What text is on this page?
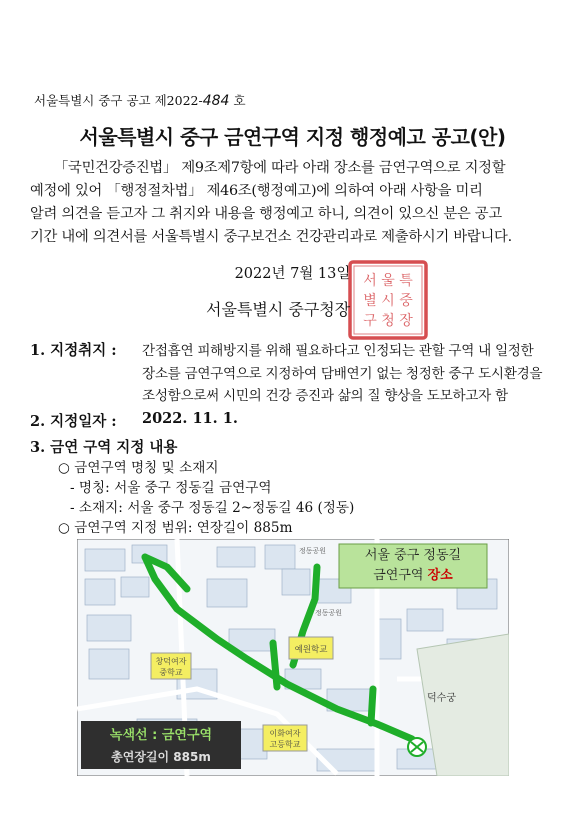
서울특별시 중구 공고 제2022-484 호
서울특별시 중구 금연구역 지정 행정예고 공고(안)
「국민건강증진법」 제9조제7항에 따라 아래 장소를 금연구역으로 지정할
예정에 있어 「행정절차법」 제46조(행정예고)에 의하여 아래 사항을 미리
알려 의견을 듣고자 그 취지와 내용을 행정예고 하니, 의견이 있으신 분은 공고
기간 내에 의견서를 서울특별시 중구보건소 건강관리과로 제출하시기 바랍니다.
2022년 7월 13일 서 울 특
별 시 중
구 청 장
서울특별시 중구청장
1. 지정취지 : 간접흡연 피해방지를 위해 필요하다고 인정되는 관할 구역 내 일정한
장소를 금연구역으로 지정하여 담배연기 없는 청정한 중구 도시환경을
조성함으로써 시민의 건강 증진과 삶의 질 향상을 도모하고자 함
2. 지정일자 : 2022. 11. 1.
3. 금연 구역 지정 내용
○ 금연구역 명칭 및 소재지
- 명칭: 서울 중구 정동길 금연구역
- 소재지: 서울 중구 정동길 2~정동길 46 (정동)
○ 금연구역 지정 범위: 연장길이 885m
서울 중구 정동길
금연구역 장소
창덕여자
중학교
예원학교
이화여자
고등학교
덕수궁
정동공원
정동공원
녹색선 : 금연구역
총연장길이 885m
